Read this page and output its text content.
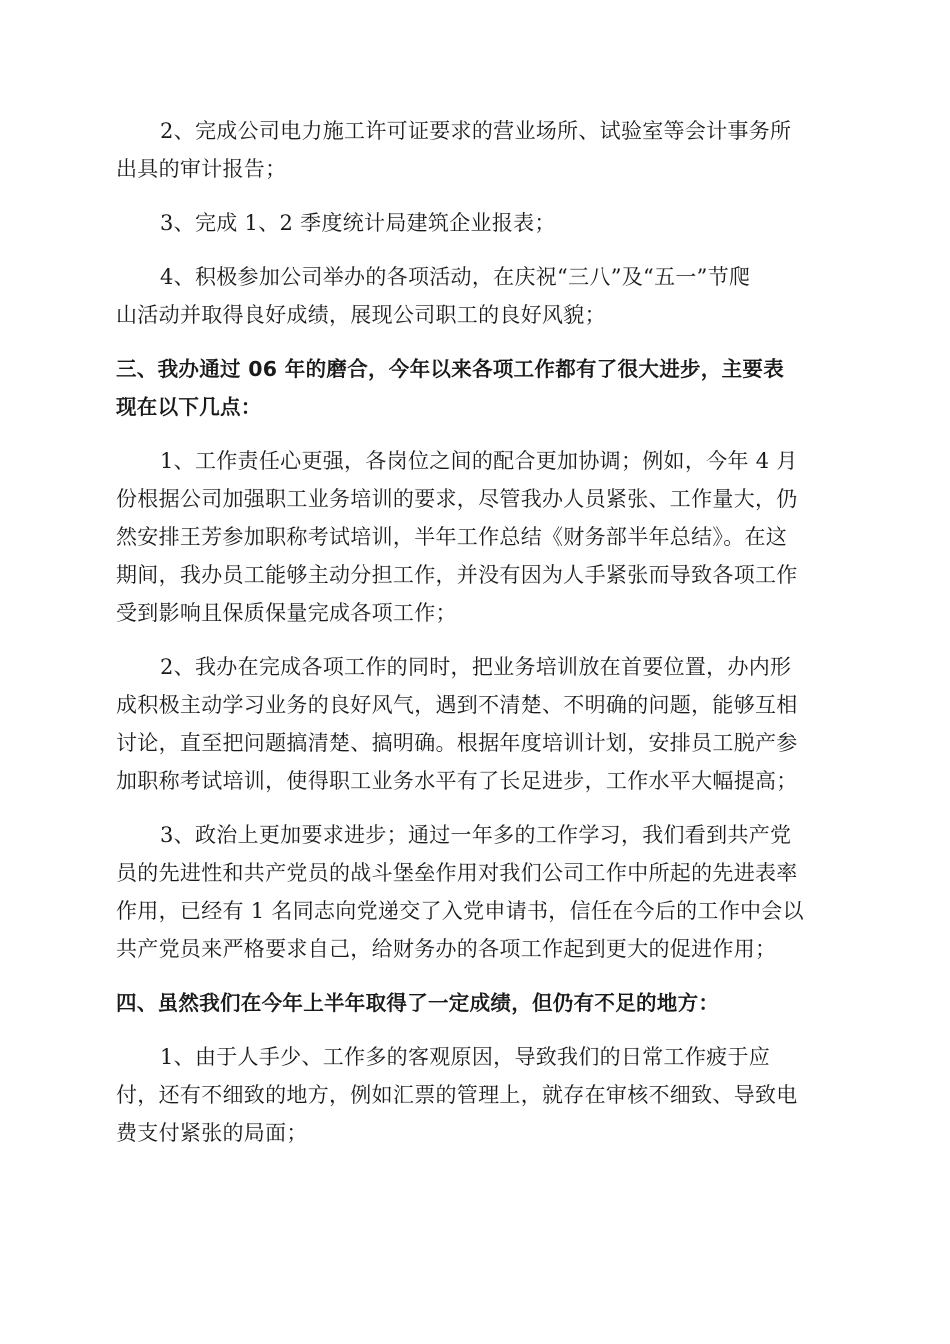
2、完成公司电力施工许可证要求的营业场所、试验室等会计事务所
出具的审计报告；
3、完成 1、2 季度统计局建筑企业报表；
4、积极参加公司举办的各项活动，在庆祝“三八”及“五一”节爬
山活动并取得良好成绩，展现公司职工的良好风貌；
三、我办通过 06 年的磨合，今年以来各项工作都有了很大进步，主要表
现在以下几点：
1、工作责任心更强，各岗位之间的配合更加协调；例如，今年 4 月
份根据公司加强职工业务培训的要求，尽管我办人员紧张、工作量大，仍
然安排王芳参加职称考试培训，半年工作总结《财务部半年总结》。在这
期间，我办员工能够主动分担工作，并没有因为人手紧张而导致各项工作
受到影响且保质保量完成各项工作；
2、我办在完成各项工作的同时，把业务培训放在首要位置，办内形
成积极主动学习业务的良好风气，遇到不清楚、不明确的问题，能够互相
讨论，直至把问题搞清楚、搞明确。根据年度培训计划，安排员工脱产参
加职称考试培训，使得职工业务水平有了长足进步，工作水平大幅提高；
3、政治上更加要求进步；通过一年多的工作学习，我们看到共产党
员的先进性和共产党员的战斗堡垒作用对我们公司工作中所起的先进表率
作用，已经有 1 名同志向党递交了入党申请书，信任在今后的工作中会以
共产党员来严格要求自己，给财务办的各项工作起到更大的促进作用；
四、虽然我们在今年上半年取得了一定成绩，但仍有不足的地方：
1、由于人手少、工作多的客观原因，导致我们的日常工作疲于应
付，还有不细致的地方，例如汇票的管理上，就存在审核不细致、导致电
费支付紧张的局面；
